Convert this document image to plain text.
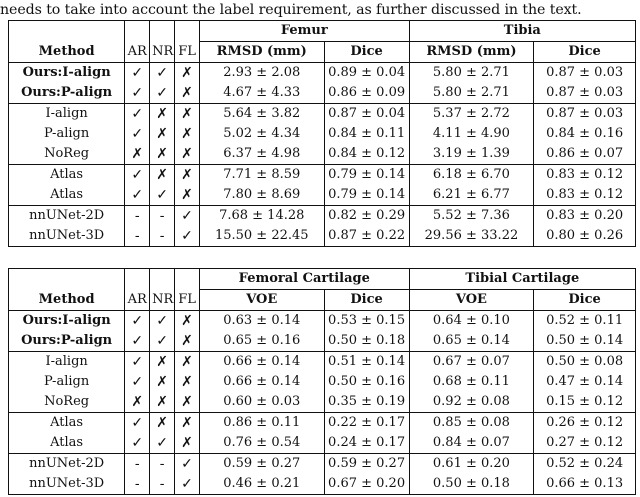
needs to take into account the label requirement, as further discussed in the text.
				Femur		Tibia	
Method	AR	NR	FL	RMSD (mm)	Dice	RMSD (mm)	Dice
Ours:I-align	✓	✓	✗	2.93 ± 2.08	0.89 ± 0.04	5.80 ± 2.71	0.87 ± 0.03
Ours:P-align	✓	✓	✗	4.67 ± 4.33	0.86 ± 0.09	5.80 ± 2.71	0.87 ± 0.03
I-align	✓	✗	✗	5.64 ± 3.82	0.87 ± 0.04	5.37 ± 2.72	0.87 ± 0.03
P-align	✓	✗	✗	5.02 ± 4.34	0.84 ± 0.11	4.11 ± 4.90	0.84 ± 0.16
NoReg	✗	✗	✗	6.37 ± 4.98	0.84 ± 0.12	3.19 ± 1.39	0.86 ± 0.07
Atlas	✓	✗	✗	7.71 ± 8.59	0.79 ± 0.14	6.18 ± 6.70	0.83 ± 0.12
Atlas	✓	✓	✗	7.80 ± 8.69	0.79 ± 0.14	6.21 ± 6.77	0.83 ± 0.12
nnUNet-2D	-	-	✓	7.68 ± 14.28	0.82 ± 0.29	5.52 ± 7.36	0.83 ± 0.20
nnUNet-3D	-	-	✓	15.50 ± 22.45	0.87 ± 0.22	29.56 ± 33.22	0.80 ± 0.26
				Femoral Cartilage		Tibial Cartilage	
Method	AR	NR	FL	VOE	Dice	VOE	Dice
Ours:I-align	✓	✓	✗	0.63 ± 0.14	0.53 ± 0.15	0.64 ± 0.10	0.52 ± 0.11
Ours:P-align	✓	✓	✗	0.65 ± 0.16	0.50 ± 0.18	0.65 ± 0.14	0.50 ± 0.14
I-align	✓	✗	✗	0.66 ± 0.14	0.51 ± 0.14	0.67 ± 0.07	0.50 ± 0.08
P-align	✓	✗	✗	0.66 ± 0.14	0.50 ± 0.16	0.68 ± 0.11	0.47 ± 0.14
NoReg	✗	✗	✗	0.60 ± 0.03	0.35 ± 0.19	0.92 ± 0.08	0.15 ± 0.12
Atlas	✓	✗	✗	0.86 ± 0.11	0.22 ± 0.17	0.85 ± 0.08	0.26 ± 0.12
Atlas	✓	✓	✗	0.76 ± 0.54	0.24 ± 0.17	0.84 ± 0.07	0.27 ± 0.12
nnUNet-2D	-	-	✓	0.59 ± 0.27	0.59 ± 0.27	0.61 ± 0.20	0.52 ± 0.24
nnUNet-3D	-	-	✓	0.46 ± 0.21	0.67 ± 0.20	0.50 ± 0.18	0.66 ± 0.13
